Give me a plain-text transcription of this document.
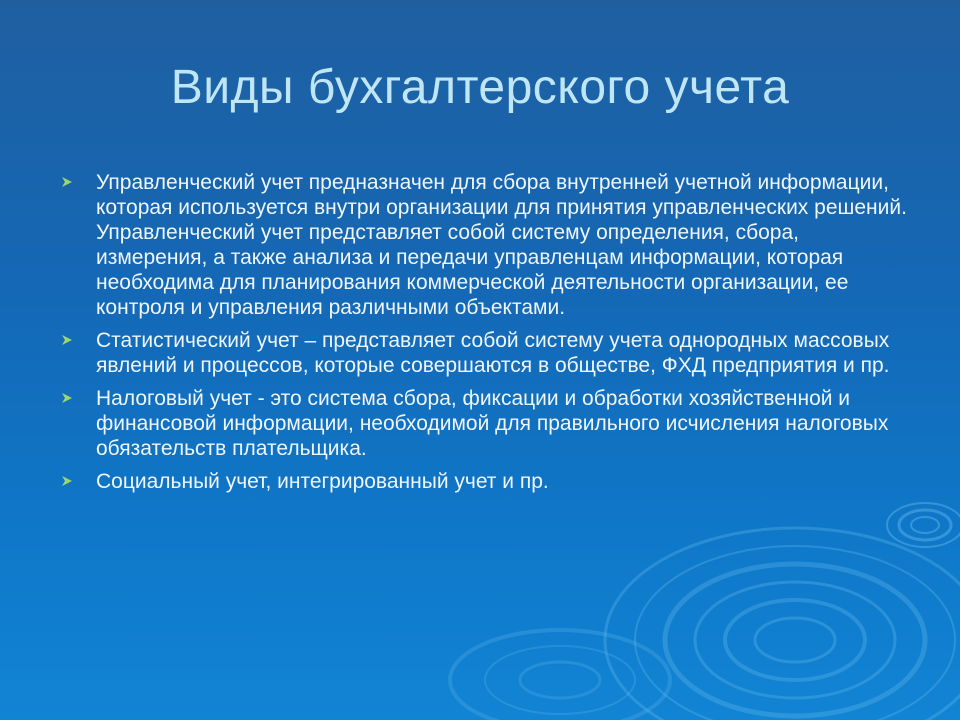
Виды бухгалтерского учета
Управленческий учет предназначен для сбора внутренней учетной информации, которая используется внутри организации для принятия управленческих решений. Управленческий учет представляет собой систему определения, сбора, измерения, а также анализа и передачи управленцам информации, которая необходима для планирования коммерческой деятельности организации, ее контроля и управления различными объектами.
Статистический учет – представляет собой систему учета однородных массовых явлений и процессов, которые совершаются в обществе, ФХД предприятия и пр.
Налоговый учет - это система сбора, фиксации и обработки хозяйственной и финансовой информации, необходимой для правильного исчисления налоговых обязательств плательщика.
Социальный учет, интегрированный учет и пр.
